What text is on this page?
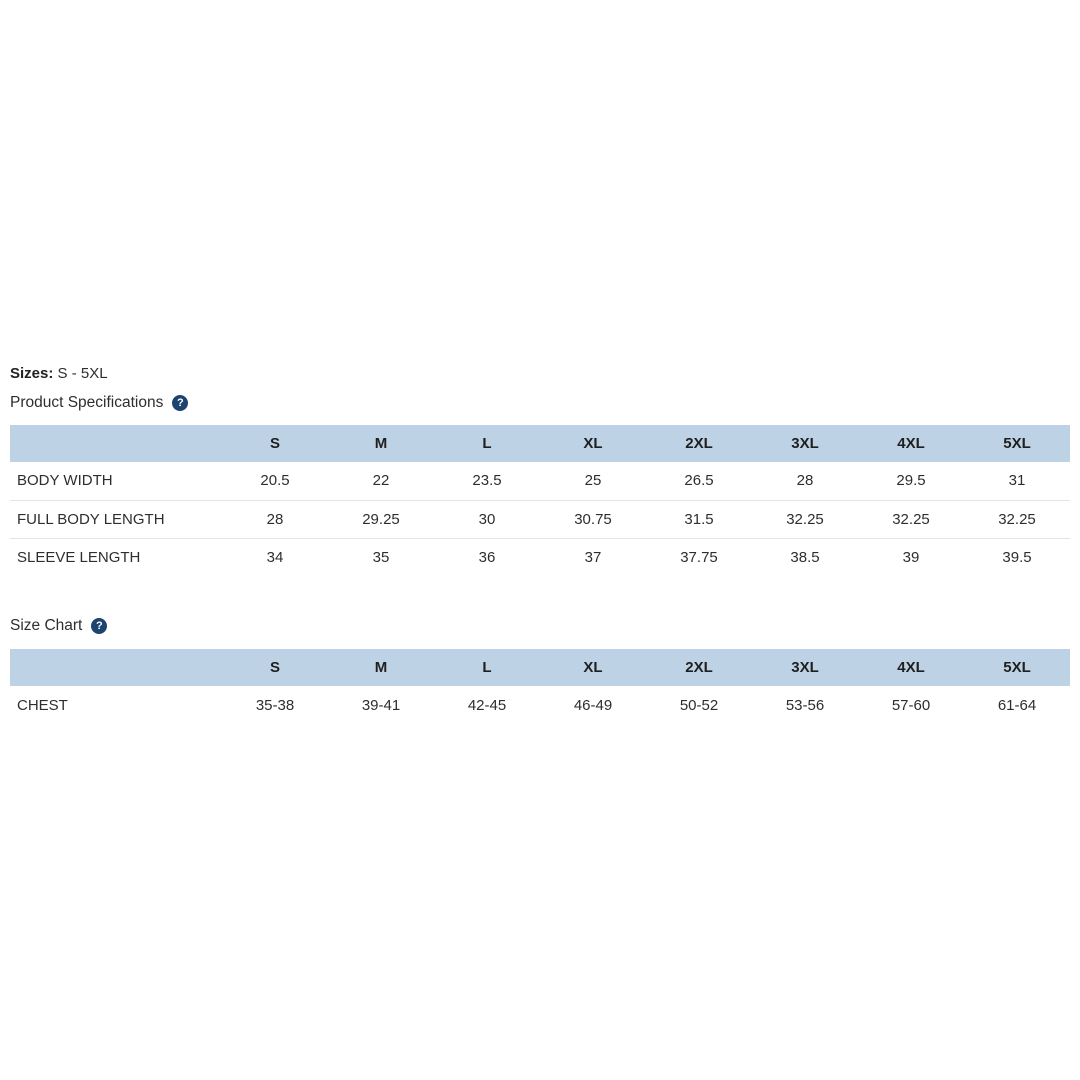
Sizes: S - 5XL
Product Specifications	?
	S	M	L	XL	2XL	3XL	4XL	5XL
BODY WIDTH	20.5	22	23.5	25	26.5	28	29.5	31
FULL BODY LENGTH	28	29.25	30	30.75	31.5	32.25	32.25	32.25
SLEEVE LENGTH	34	35	36	37	37.75	38.5	39	39.5
Size Chart	?
	S	M	L	XL	2XL	3XL	4XL	5XL
CHEST	35-38	39-41	42-45	46-49	50-52	53-56	57-60	61-64
